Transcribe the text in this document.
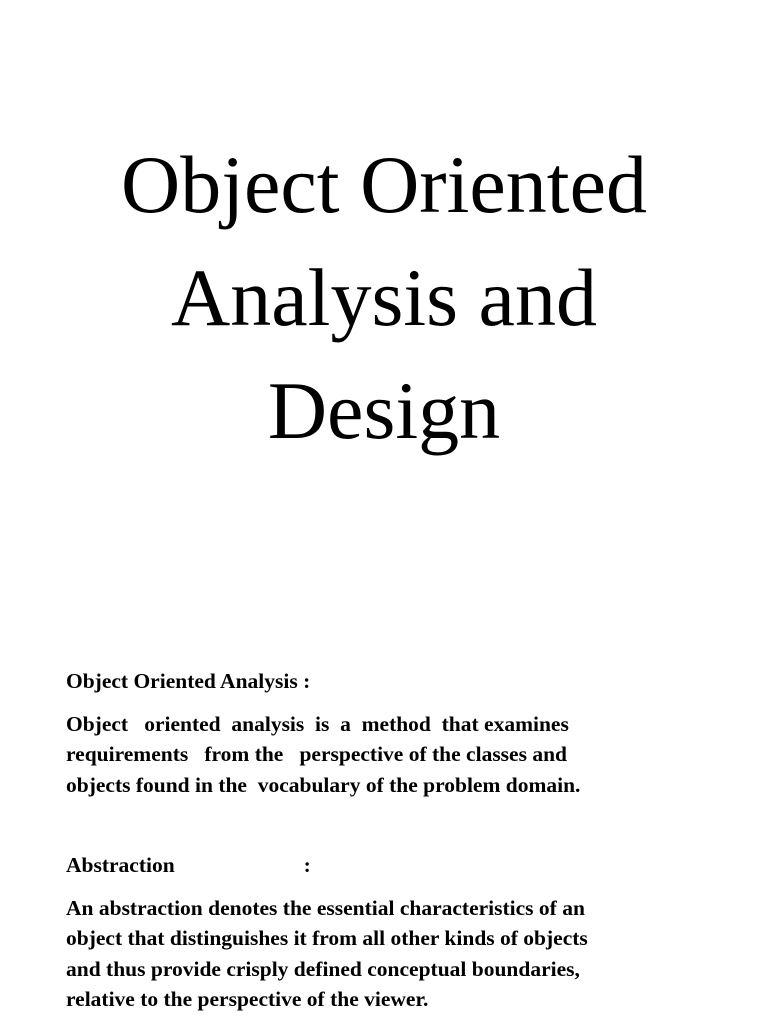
Object Oriented
Analysis and
Design

Object Oriented Analysis :

Object   oriented  analysis  is  a  method  that examines
requirements   from the   perspective of the classes and
objects found in the  vocabulary of the problem domain.

Abstraction                        :

An abstraction denotes the essential characteristics of an
object that distinguishes it from all other kinds of objects
and thus provide crisply defined conceptual boundaries,
relative to the perspective of the viewer.
